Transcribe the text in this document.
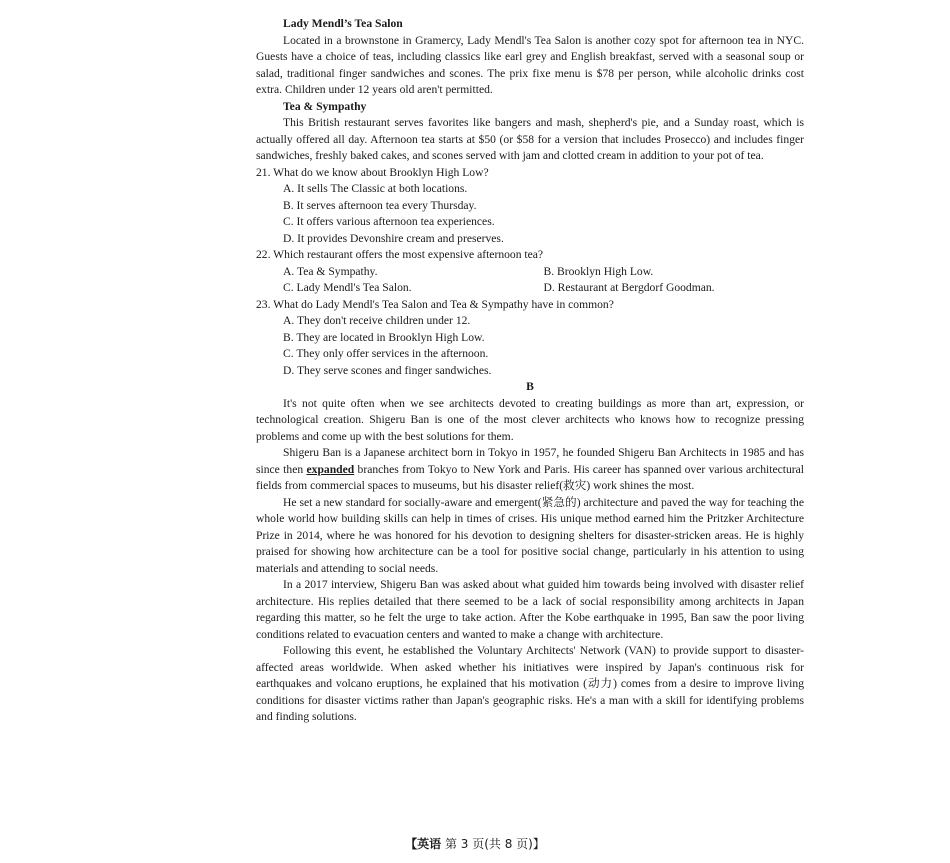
Lady Mendl’s Tea Salon

Located in a brownstone in Gramercy, Lady Mendl's Tea Salon is another cozy spot for afternoon tea in NYC. Guests have a choice of teas, including classics like earl grey and English breakfast, served with a seasonal soup or salad, traditional finger sandwiches and scones. The prix fixe menu is $78 per person, while alcoholic drinks cost extra. Children under 12 years old aren't permitted.

Tea & Sympathy

This British restaurant serves favorites like bangers and mash, shepherd's pie, and a Sunday roast, which is actually offered all day. Afternoon tea starts at $50 (or $58 for a version that includes Prosecco) and includes finger sandwiches, freshly baked cakes, and scones served with jam and clotted cream in addition to your pot of tea.

21. What do we know about Brooklyn High Low?

A. It sells The Classic at both locations.

B. It serves afternoon tea every Thursday.

C. It offers various afternoon tea experiences.

D. It provides Devonshire cream and preserves.

22. Which restaurant offers the most expensive afternoon tea?

A. Tea & Sympathy.	B. Brooklyn High Low.
C. Lady Mendl's Tea Salon.	D. Restaurant at Bergdorf Goodman.

23. What do Lady Mendl's Tea Salon and Tea & Sympathy have in common?

A. They don't receive children under 12.

B. They are located in Brooklyn High Low.

C. They only offer services in the afternoon.

D. They serve scones and finger sandwiches.

B

It's not quite often when we see architects devoted to creating buildings as more than art, expression, or technological creation. Shigeru Ban is one of the most clever architects who knows how to recognize pressing problems and come up with the best solutions for them.

Shigeru Ban is a Japanese architect born in Tokyo in 1957, he founded Shigeru Ban Architects in 1985 and has since then expanded branches from Tokyo to New York and Paris. His career has spanned over various architectural fields from commercial spaces to museums, but his disaster relief(救灾) work shines the most.

He set a new standard for socially-aware and emergent(紧急的) architecture and paved the way for teaching the whole world how building skills can help in times of crises. His unique method earned him the Pritzker Architecture Prize in 2014, where he was honored for his devotion to designing shelters for disaster-stricken areas. He is highly praised for showing how architecture can be a tool for positive social change, particularly in his attention to using materials and attending to social needs.

In a 2017 interview, Shigeru Ban was asked about what guided him towards being involved with disaster relief architecture. His replies detailed that there seemed to be a lack of social responsibility among architects in Japan regarding this matter, so he felt the urge to take action. After the Kobe earthquake in 1995, Ban saw the poor living conditions related to evacuation centers and wanted to make a change with architecture.

Following this event, he established the Voluntary Architects' Network (VAN) to provide support to disaster-affected areas worldwide. When asked whether his initiatives were inspired by Japan's continuous risk for earthquakes and volcano eruptions, he explained that his motivation (动力) comes from a desire to improve living conditions for disaster victims rather than Japan's geographic risks. He's a man with a skill for identifying problems and finding solutions.

【英语 第 3 页(共 8 页)】
